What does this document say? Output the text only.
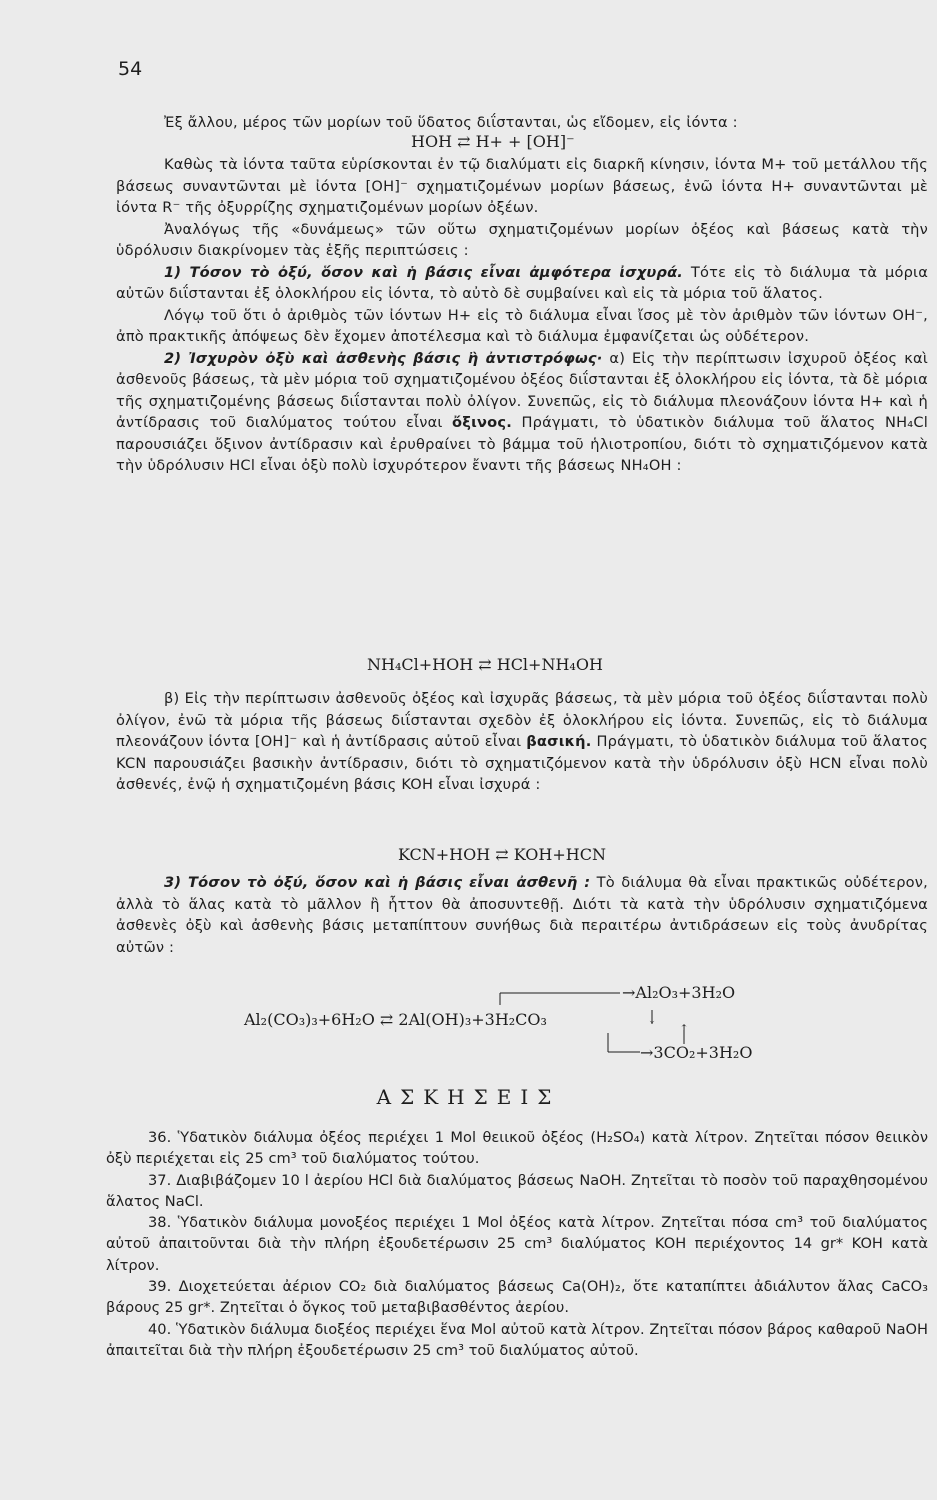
54

Ἐξ ἄλλου, μέρος τῶν μορίων τοῦ ὕδατος διΐστανται, ὡς εἴδομεν, εἰς ἰόντα :

HOH ⇄ H+ + [OH]⁻

Καθὼς τὰ ἰόντα ταῦτα εὑρίσκονται ἐν τῷ διαλύματι εἰς διαρκῆ κίνησιν, ἰόντα M+ τοῦ μετάλλου τῆς βάσεως συναντῶνται μὲ ἰόντα [OH]⁻ σχηματιζομένων μορίων βάσεως, ἐνῶ ἰόντα H+ συναντῶνται μὲ ἰόντα R⁻ τῆς ὀξυρρίζης σχηματιζομένων μορίων ὀξέων.

Ἀναλόγως τῆς «δυνάμεως» τῶν οὕτω σχηματιζομένων μορίων ὀξέος καὶ βάσεως κατὰ τὴν ὑδρόλυσιν διακρίνομεν τὰς ἑξῆς περιπτώσεις :

1) Τόσον τὸ ὀξύ, ὅσον καὶ ἡ βάσις εἶναι ἀμφότερα ἰσχυρά. Τότε εἰς τὸ διάλυμα τὰ μόρια αὐτῶν διΐστανται ἐξ ὁλοκλήρου εἰς ἰόντα, τὸ αὐτὸ δὲ συμβαίνει καὶ εἰς τὰ μόρια τοῦ ἅλατος.

Λόγῳ τοῦ ὅτι ὁ ἀριθμὸς τῶν ἰόντων H+ εἰς τὸ διάλυμα εἶναι ἴσος μὲ τὸν ἀριθμὸν τῶν ἰόντων OH⁻, ἀπὸ πρακτικῆς ἀπόψεως δὲν ἔχομεν ἀποτέλεσμα καὶ τὸ διάλυμα ἐμφανίζεται ὡς οὐδέτερον.

2) Ἰσχυρὸν ὀξὺ καὶ ἀσθενὴς βάσις ἢ ἀντιστρόφως· α) Εἰς τὴν περίπτωσιν ἰσχυροῦ ὀξέος καὶ ἀσθενοῦς βάσεως, τὰ μὲν μόρια τοῦ σχηματιζομένου ὀξέος διΐστανται ἐξ ὁλοκλήρου εἰς ἰόντα, τὰ δὲ μόρια τῆς σχηματιζομένης βάσεως διΐστανται πολὺ ὀλίγον. Συνεπῶς, εἰς τὸ διάλυμα πλεονάζουν ἰόντα H+ καὶ ἡ ἀντίδρασις τοῦ διαλύματος τούτου εἶναι ὄξινος. Πράγματι, τὸ ὑδατικὸν διάλυμα τοῦ ἅλατος NH₄Cl παρουσιάζει ὄξινον ἀντίδρασιν καὶ ἐρυθραίνει τὸ βάμμα τοῦ ἡλιοτροπίου, διότι τὸ σχηματιζόμενον κατὰ τὴν ὑδρόλυσιν HCl εἶναι ὀξὺ πολὺ ἰσχυρότερον ἔναντι τῆς βάσεως NH₄OH :

NH₄Cl+HOH ⇄ HCl+NH₄OH

β) Εἰς τὴν περίπτωσιν ἀσθενοῦς ὀξέος καὶ ἰσχυρᾶς βάσεως, τὰ μὲν μόρια τοῦ ὀξέος διΐστανται πολὺ ὀλίγον, ἐνῶ τὰ μόρια τῆς βάσεως διΐστανται σχεδὸν ἐξ ὁλοκλήρου εἰς ἰόντα. Συνεπῶς, εἰς τὸ διάλυμα πλεονάζουν ἰόντα [OH]⁻ καὶ ἡ ἀντίδρασις αὐτοῦ εἶναι βασική. Πράγματι, τὸ ὑδατικὸν διάλυμα τοῦ ἅλατος KCN παρουσιάζει βασικὴν ἀντίδρασιν, διότι τὸ σχηματιζόμενον κατὰ τὴν ὑδρόλυσιν ὀξὺ HCN εἶναι πολὺ ἀσθενές, ἐνῷ ἡ σχηματιζομένη βάσις KOH εἶναι ἰσχυρά :

KCN+HOH ⇄ KOH+HCN

3) Τόσον τὸ ὀξύ, ὅσον καὶ ἡ βάσις εἶναι ἀσθενῆ : Τὸ διάλυμα θὰ εἶναι πρακτικῶς οὐδέτερον, ἀλλὰ τὸ ἅλας κατὰ τὸ μᾶλλον ἢ ἧττον θὰ ἀποσυντεθῇ. Διότι τὰ κατὰ τὴν ὑδρόλυσιν σχηματιζόμενα ἀσθενὲς ὀξὺ καὶ ἀσθενὴς βάσις μεταπίπτουν συνήθως διὰ περαιτέρω ἀντιδράσεων εἰς τοὺς ἀνυδρίτας αὐτῶν :

Al₂(CO₃)₃+6H₂O ⇄ 2Al(OH)₃+3H₂CO₃
→Al₂O₃+3H₂O
→3CO₂+3H₂O
↓
↑
ΑΣΚΗΣΕΙΣ

36. Ὑδατικὸν διάλυμα ὀξέος περιέχει 1 Mol θειικοῦ ὀξέος (H₂SO₄) κατὰ λίτρον. Ζητεῖται πόσον θειικὸν ὀξὺ περιέχεται εἰς 25 cm³ τοῦ διαλύματος τούτου.

37. Διαβιβάζομεν 10 l ἀερίου HCl διὰ διαλύματος βάσεως NaOH. Ζητεῖται τὸ ποσὸν τοῦ παραχθησομένου ἅλατος NaCl.

38. Ὑδατικὸν διάλυμα μονοξέος περιέχει 1 Mol ὀξέος κατὰ λίτρον. Ζητεῖται πόσα cm³ τοῦ διαλύματος αὐτοῦ ἀπαιτοῦνται διὰ τὴν πλήρη ἐξουδετέρωσιν 25 cm³ διαλύματος KOH περιέχοντος 14 gr* KOH κατὰ λίτρον.

39. Διοχετεύεται ἀέριον CO₂ διὰ διαλύματος βάσεως Ca(OH)₂, ὅτε καταπίπτει ἀδιάλυτον ἅλας CaCO₃ βάρους 25 gr*. Ζητεῖται ὁ ὄγκος τοῦ μεταβιβασθέντος ἀερίου.

40. Ὑδατικὸν διάλυμα διοξέος περιέχει ἕνα Mol αὐτοῦ κατὰ λίτρον. Ζητεῖται πόσον βάρος καθαροῦ NaOH ἀπαιτεῖται διὰ τὴν πλήρη ἐξουδετέρωσιν 25 cm³ τοῦ διαλύματος αὐτοῦ.
